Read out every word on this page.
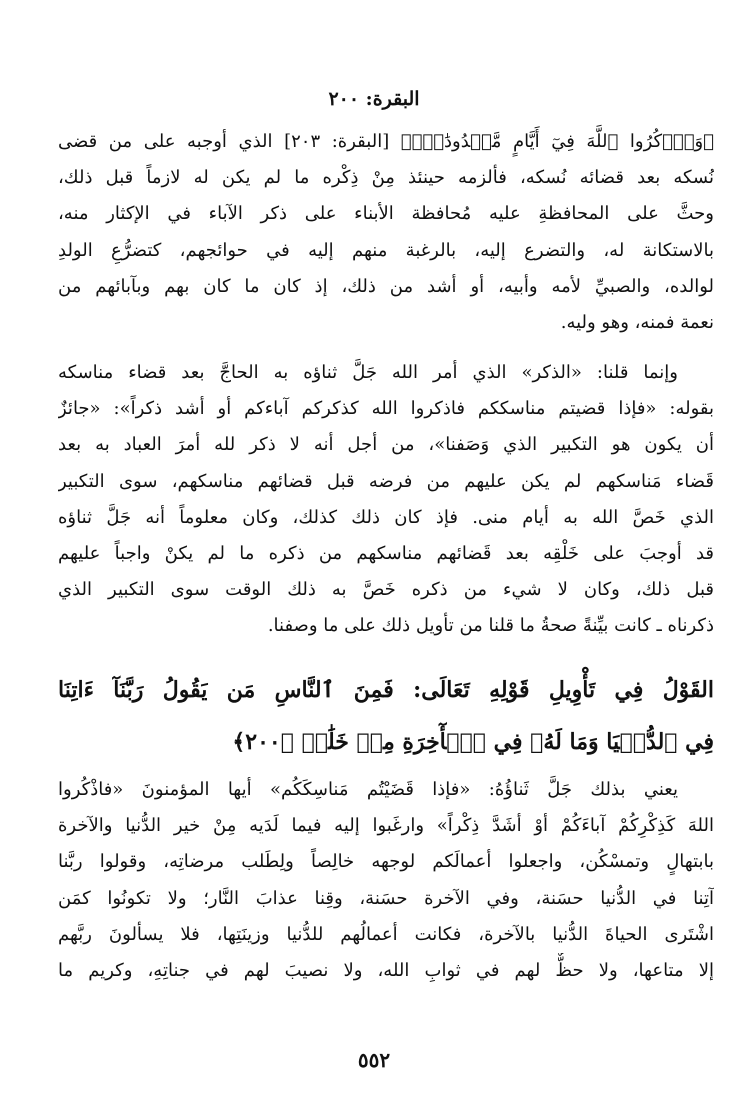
البقرة: ٢٠٠
﴿وَٱذۡكُرُوا ٱللَّهَ فِيٓ أَيَّامٍ مَّعۡدُودَٰتٍۚ﴾ [البقرة: ٢٠٣] الذي أوجبه على من قضى
نُسكه بعد قضائه نُسكه، فألزمه حينئذ مِنْ ذِكْره ما لم يكن له لازماً قبل ذلك،
وحثَّ على المحافظةِ عليه مُحافظة الأبناء على ذكر الآباء في الإكثار منه،
بالاستكانة له، والتضرع إليه، بالرغبة منهم إليه في حوائجهم، كتضرُّعِ الولدِ
لوالده، والصبيِّ لأمه وأبيه، أو أشد من ذلك، إذ كان ما كان بهم وبآبائهم من
نعمة فمنه، وهو وليه.
وإنما قلنا: «الذكر» الذي أمر الله جَلَّ ثناؤه به الحاجَّ بعد قضاء مناسكه
بقوله: «فإذا قضيتم مناسككم فاذكروا الله كذكركم آباءكم أو أشد ذكراً»: «جائزٌ
أن يكون هو التكبير الذي وَصَفنا»، من أجل أنه لا ذكر لله أمرَ العباد به بعد
قَضاء مَناسكهم لم يكن عليهم من فرضه قبل قضائهم مناسكهم، سوى التكبير
الذي خَصَّ الله به أيام منى. فإذ كان ذلك كذلك، وكان معلوماً أنه جَلَّ ثناؤه
قد أوجبَ على خَلْقِه بعد قَضائهم مناسكهم من ذكره ما لم يكنْ واجباً عليهم
قبل ذلك، وكان لا شيء من ذكره خَصَّ به ذلك الوقت سوى التكبير الذي
ذكرناه ـ كانت بيِّنةً صحةُ ما قلنا من تأويل ذلك على ما وصفنا.
القَوْلُ فِي تَأْوِيلِ قَوْلِهِ تَعَالَى: فَمِنَ ٱلنَّاسِ مَن يَقُولُ رَبَّنَآ ءَاتِنَا
فِي ٱلدُّنۡيَا وَمَا لَهُۥ فِي ٱلۡأٓخِرَةِ مِنۡ خَلَٰقٖ ﴿٢٠٠﴾
يعني بذلك جَلَّ ثَناؤُهُ: «فإذا قَضَيْتُم مَناسِكَكُم» أيها المؤمنونَ «فاذْكُروا
اللهَ كَذِكْرِكُمْ آباءَكُمْ أوْ أشَدَّ ذِكْراً» وارغَبوا إليه فيما لَدَيه مِنْ خير الدُّنيا والآخرة
بابتهالٍ وتمسْكُن، واجعلوا أعمالَكم لوجهه خالِصاً ولِطَلب مرضاتِه، وقولوا ربَّنا
آتِنا في الدُّنيا حسَنة، وفي الآخرة حسَنة، وقِنا عذابَ النَّار؛ ولا تكونُوا كمَن
اشْتَرى الحياةَ الدُّنيا بالآخرة، فكانت أعمالُهم للدُّنيا وزينَتِها، فلا يسألونَ ربَّهم
إلا متاعها، ولا حظٌّ لهم في ثوابِ الله، ولا نصيبَ لهم في جناتِهِ، وكريم ما
٥٥٢
